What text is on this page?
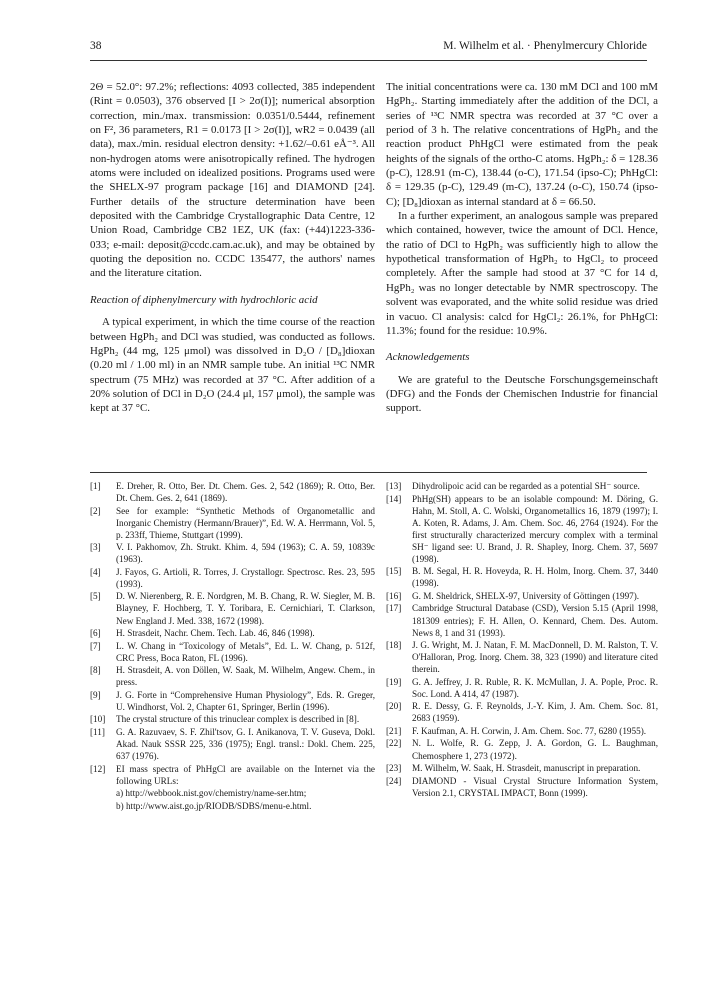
38	M. Wilhelm et al. · Phenylmercury Chloride

2Θ = 52.0°: 97.2%; reflections: 4093 collected, 385 independent (Rint = 0.0503), 376 observed [I > 2σ(I)]; numerical absorption correction, min./max. transmission: 0.0351/0.5444, refinement on F², 36 parameters, R1 = 0.0173 [I > 2σ(I)], wR2 = 0.0439 (all data), max./min. residual electron density: +1.62/–0.61 eÅ⁻³. All non-hydrogen atoms were anisotropically refined. The hydrogen atoms were included on idealized positions. Programs used were the SHELX-97 program package [16] and DIAMOND [24]. Further details of the structure determination have been deposited with the Cambridge Crystallographic Data Centre, 12 Union Road, Cambridge CB2 1EZ, UK (fax: (+44)1223-336-033; e-mail: deposit@ccdc.cam.ac.uk), and may be obtained by quoting the deposition no. CCDC 135477, the authors' names and the literature citation.

Reaction of diphenylmercury with hydrochloric acid

A typical experiment, in which the time course of the reaction between HgPh₂ and DCl was studied, was conducted as follows. HgPh₂ (44 mg, 125 μmol) was dissolved in D₂O / [D₈]dioxan (0.20 ml / 1.00 ml) in an NMR sample tube. An initial ¹³C NMR spectrum (75 MHz) was recorded at 37 °C. After addition of a 20% solution of DCl in D₂O (24.4 μl, 157 μmol), the sample was kept at 37 °C.

The initial concentrations were ca. 130 mM DCl and 100 mM HgPh₂. Starting immediately after the addition of the DCl, a series of ¹³C NMR spectra was recorded at 37 °C over a period of 3 h. The relative concentrations of HgPh₂ and the reaction product PhHgCl were estimated from the peak heights of the signals of the ortho-C atoms. HgPh₂: δ = 128.36 (p-C), 128.91 (m-C), 138.44 (o-C), 171.54 (ipso-C); PhHgCl: δ = 129.35 (p-C), 129.49 (m-C), 137.24 (o-C), 150.74 (ipso-C); [D₈]dioxan as internal standard at δ = 66.50.

In a further experiment, an analogous sample was prepared which contained, however, twice the amount of DCl. Hence, the ratio of DCl to HgPh₂ was sufficiently high to allow the hypothetical transformation of HgPh₂ to HgCl₂ to proceed completely. After the sample had stood at 37 °C for 14 d, HgPh₂ was no longer detectable by NMR spectroscopy. The solvent was evaporated, and the white solid residue was dried in vacuo. Cl analysis: calcd for HgCl₂: 26.1%, for PhHgCl: 11.3%; found for the residue: 10.9%.

Acknowledgements

We are grateful to the Deutsche Forschungsgemeinschaft (DFG) and the Fonds der Chemischen Industrie for financial support.

[1]	E. Dreher, R. Otto, Ber. Dt. Chem. Ges. 2, 542 (1869); R. Otto, Ber. Dt. Chem. Ges. 2, 641 (1869).
[2]	See for example: “Synthetic Methods of Organometallic and Inorganic Chemistry (Hermann/Brauer)”, Ed. W. A. Herrmann, Vol. 5, p. 233ff, Thieme, Stuttgart (1999).
[3]	V. I. Pakhomov, Zh. Strukt. Khim. 4, 594 (1963); C. A. 59, 10839c (1963).
[4]	J. Fayos, G. Artioli, R. Torres, J. Crystallogr. Spectrosc. Res. 23, 595 (1993).
[5]	D. W. Nierenberg, R. E. Nordgren, M. B. Chang, R. W. Siegler, M. B. Blayney, F. Hochberg, T. Y. Toribara, E. Cernichiari, T. Clarkson, New England J. Med. 338, 1672 (1998).
[6]	H. Strasdeit, Nachr. Chem. Tech. Lab. 46, 846 (1998).
[7]	L. W. Chang in “Toxicology of Metals”, Ed. L. W. Chang, p. 512f, CRC Press, Boca Raton, FL (1996).
[8]	H. Strasdeit, A. von Döllen, W. Saak, M. Wilhelm, Angew. Chem., in press.
[9]	J. G. Forte in “Comprehensive Human Physiology”, Eds. R. Greger, U. Windhorst, Vol. 2, Chapter 61, Springer, Berlin (1996).
[10]	The crystal structure of this trinuclear complex is described in [8].
[11]	G. A. Razuvaev, S. F. Zhil'tsov, G. I. Anikanova, T. V. Guseva, Dokl. Akad. Nauk SSSR 225, 336 (1975); Engl. transl.: Dokl. Chem. 225, 637 (1976).
[12]	EI mass spectra of PhHgCl are available on the Internet via the following URLs:
a) http://webbook.nist.gov/chemistry/name-ser.htm;
b) http://www.aist.go.jp/RIODB/SDBS/menu-e.html.
[13]	Dihydrolipoic acid can be regarded as a potential SH⁻ source.
[14]	PhHg(SH) appears to be an isolable compound: M. Döring, G. Hahn, M. Stoll, A. C. Wolski, Organometallics 16, 1879 (1997); I. A. Koten, R. Adams, J. Am. Chem. Soc. 46, 2764 (1924). For the first structurally characterized mercury complex with a terminal SH⁻ ligand see: U. Brand, J. R. Shapley, Inorg. Chem. 37, 5697 (1998).
[15]	B. M. Segal, H. R. Hoveyda, R. H. Holm, Inorg. Chem. 37, 3440 (1998).
[16]	G. M. Sheldrick, SHELX-97, University of Göttingen (1997).
[17]	Cambridge Structural Database (CSD), Version 5.15 (April 1998, 181309 entries); F. H. Allen, O. Kennard, Chem. Des. Autom. News 8, 1 and 31 (1993).
[18]	J. G. Wright, M. J. Natan, F. M. MacDonnell, D. M. Ralston, T. V. O'Halloran, Prog. Inorg. Chem. 38, 323 (1990) and literature cited therein.
[19]	G. A. Jeffrey, J. R. Ruble, R. K. McMullan, J. A. Pople, Proc. R. Soc. Lond. A 414, 47 (1987).
[20]	R. E. Dessy, G. F. Reynolds, J.-Y. Kim, J. Am. Chem. Soc. 81, 2683 (1959).
[21]	F. Kaufman, A. H. Corwin, J. Am. Chem. Soc. 77, 6280 (1955).
[22]	N. L. Wolfe, R. G. Zepp, J. A. Gordon, G. L. Baughman, Chemosphere 1, 273 (1972).
[23]	M. Wilhelm, W. Saak, H. Strasdeit, manuscript in preparation.
[24]	DIAMOND - Visual Crystal Structure Information System, Version 2.1, CRYSTAL IMPACT, Bonn (1999).
